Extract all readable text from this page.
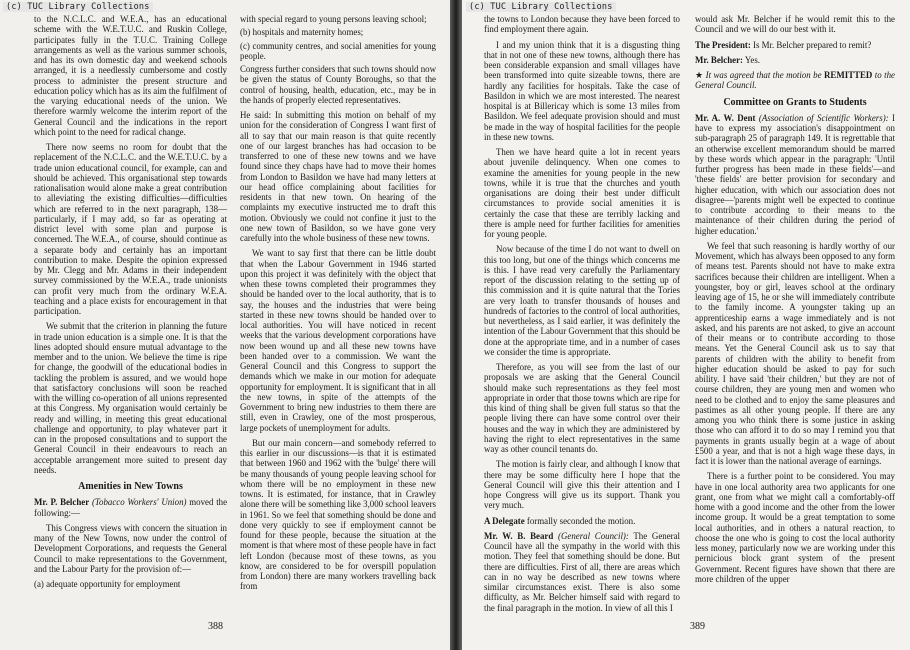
to the N.C.L.C. and W.E.A., has an educational scheme with the W.E.T.U.C. and Ruskin College, participates fully in the T.U.C. Training College arrangements as well as the various summer schools, and has its own domestic day and weekend schools arranged, it is a needlessly cumbersome and costly process to administer the present structure and education policy which has as its aim the fulfilment of the varying educational needs of the union. We therefore warmly welcome the interim report of the General Council and the indications in the report which point to the need for radical change.

There now seems no room for doubt that the replacement of the N.C.L.C. and the W.E.T.U.C. by a trade union educational council, for example, can and should be achieved. This organisational step towards rationalisation would alone make a great contribution to alleviating the existing difficulties—difficulties which are referred to in the next paragraph, 138—particularly, if I may add, so far as operating at district level with some plan and purpose is concerned. The W.E.A., of course, should continue as a separate body and certainly has an important contribution to make. Despite the opinion expressed by Mr. Clegg and Mr. Adams in their independent survey commissioned by the W.E.A., trade unionists can profit very much from the ordinary W.E.A. teaching and a place exists for encouragement in that participation.

We submit that the criterion in planning the future in trade union education is a simple one. It is that the lines adopted should ensure mutual advantage to the member and to the union. We believe the time is ripe for change, the goodwill of the educational bodies in tackling the problem is assured, and we would hope that satisfactory conclusions will soon be reached with the willing co-operation of all unions represented at this Congress. My organisation would certainly be ready and willing, in meeting this great educational challenge and opportunity, to play whatever part it can in the proposed consultations and to support the General Council in their endeavours to reach an acceptable arrangement more suited to present day needs.

Amenities in New Towns

Mr. P. Belcher (Tobacco Workers' Union) moved the following:—

This Congress views with concern the situation in many of the New Towns, now under the control of Development Corporations, and requests the General Council to make representations to the Government, and the Labour Party for the provision of:—

(a) adequate opportunity for employment

with special regard to young persons leaving school;

(b) hospitals and maternity homes;

(c) community centres, and social amenities for young people.

Congress further considers that such towns should now be given the status of County Boroughs, so that the control of housing, health, education, etc., may be in the hands of properly elected representatives.

He said: In submitting this motion on behalf of my union for the consideration of Congress I want first of all to say that our main reason is that quite recently one of our largest branches has had occasion to be transferred to one of these new towns and we have found since they chaps have had to move their homes from London to Basildon we have had many letters at our head office complaining about facilities for residents in that new town. On hearing of the complaints my executive instructed me to draft this motion. Obviously we could not confine it just to the one new town of Basildon, so we have gone very carefully into the whole business of these new towns.

We want to say first that there can be little doubt that when the Labour Government in 1946 started upon this project it was definitely with the object that when these towns completed their programmes they should be handed over to the local authority, that is to say, the houses and the industries that were being started in these new towns should be handed over to local authorities. You will have noticed in recent weeks that the various development corporations have now been wound up and all these new towns have been handed over to a commission. We want the General Council and this Congress to support the demands which we make in our motion for adequate opportunity for employment. It is significant that in all the new towns, in spite of the attempts of the Government to bring new industries to them there are still, even in Crawley, one of the most prosperous, large pockets of unemployment for adults.

But our main concern—and somebody referred to this earlier in our discussions—is that it is estimated that between 1960 and 1962 with the 'bulge' there will be many thousands of young people leaving school for whom there will be no employment in these new towns. It is estimated, for instance, that in Crawley alone there will be something like 3,000 school leavers in 1961. So we feel that something should be done and done very quickly to see if employment cannot be found for these people, because the situation at the moment is that where most of these people have in fact left London (because most of these towns, as you know, are considered to be for overspill population from London) there are many workers travelling back from

388	389

the towns to London because they have been forced to find employment there again.

I and my union think that it is a disgusting thing that in not one of these new towns, although there has been considerable expansion and small villages have been transformed into quite sizeable towns, there are hardly any facilities for hospitals. Take the case of Basildon in which we are most interested. The nearest hospital is at Billericay which is some 13 miles from Basildon. We feel adequate provision should and must be made in the way of hospital facilities for the people in these new towns.

Then we have heard quite a lot in recent years about juvenile delinquency. When one comes to examine the amenities for young people in the new towns, while it is true that the churches and youth organisations are doing their best under difficult circumstances to provide social amenities it is certainly the case that these are terribly lacking and there is ample need for further facilities for amenities for young people.

Now because of the time I do not want to dwell on this too long, but one of the things which concerns me is this. I have read very carefully the Parliamentary report of the discussion relating to the setting up of this commission and it is quite natural that the Tories are very loath to transfer thousands of houses and hundreds of factories to the control of local authorities, but nevertheless, as I said earlier, it was definitely the intention of the Labour Government that this should be done at the appropriate time, and in a number of cases we consider the time is appropriate.

Therefore, as you will see from the last of our proposals we are asking that the General Council should make such representations as they feel most appropriate in order that those towns which are ripe for this kind of thing shall be given full status so that the people living there can have some control over their houses and the way in which they are administered by having the right to elect representatives in the same way as other council tenants do.

The motion is fairly clear, and although I know that there may be some difficulty here I hope that the General Council will give this their attention and I hope Congress will give us its support. Thank you very much.

A Delegate formally seconded the motion.

Mr. W. B. Beard (General Council): The General Council have all the sympathy in the world with this motion. They feel that something should be done. But there are difficulties. First of all, there are areas which can in no way be described as new towns where similar circumstances exist. There is also some difficulty, as Mr. Belcher himself said with regard to the final paragraph in the motion. In view of all this I

would ask Mr. Belcher if he would remit this to the Council and we will do our best with it.

The President: Is Mr. Belcher prepared to remit?

Mr. Belcher: Yes.

★ It was agreed that the motion be REMITTED to the General Council.

Committee on Grants to Students

Mr. A. W. Dent (Association of Scientific Workers): I have to express my association's disappointment on sub-paragraph 25 of paragraph 149. It is regrettable that an otherwise excellent memorandum should be marred by these words which appear in the paragraph: 'Until further progress has been made in these fields'—and 'these fields' are better provision for secondary and higher education, with which our association does not disagree—'parents might well be expected to continue to contribute according to their means to the maintenance of their children during the period of higher education.'

We feel that such reasoning is hardly worthy of our Movement, which has always been opposed to any form of means test. Parents should not have to make extra sacrifices because their children are intelligent. When a youngster, boy or girl, leaves school at the ordinary leaving age of 15, he or she will immediately contribute to the family income. A youngster taking up an apprenticeship earns a wage immediately and is not asked, and his parents are not asked, to give an account of their means or to contribute according to those means. Yet the General Council ask us to say that parents of children with the ability to benefit from higher education should be asked to pay for such ability. I have said 'their children,' but they are not of course children, they are young men and women who need to be clothed and to enjoy the same pleasures and pastimes as all other young people. If there are any among you who think there is some justice in asking those who can afford it to do so may I remind you that payments in grants usually begin at a wage of about £500 a year, and that is not a high wage these days, in fact it is lower than the national average of earnings.

There is a further point to be considered. You may have in one local authority area two applicants for one grant, one from what we might call a comfortably-off home with a good income and the other from the lower income group. It would be a great temptation to some local authorities, and in others a natural reaction, to choose the one who is going to cost the local authority less money, particularly now we are working under this pernicious block grant system of the present Government. Recent figures have shown that there are more children of the upper

(c) TUC Library Collections	(c) TUC Library Collections
